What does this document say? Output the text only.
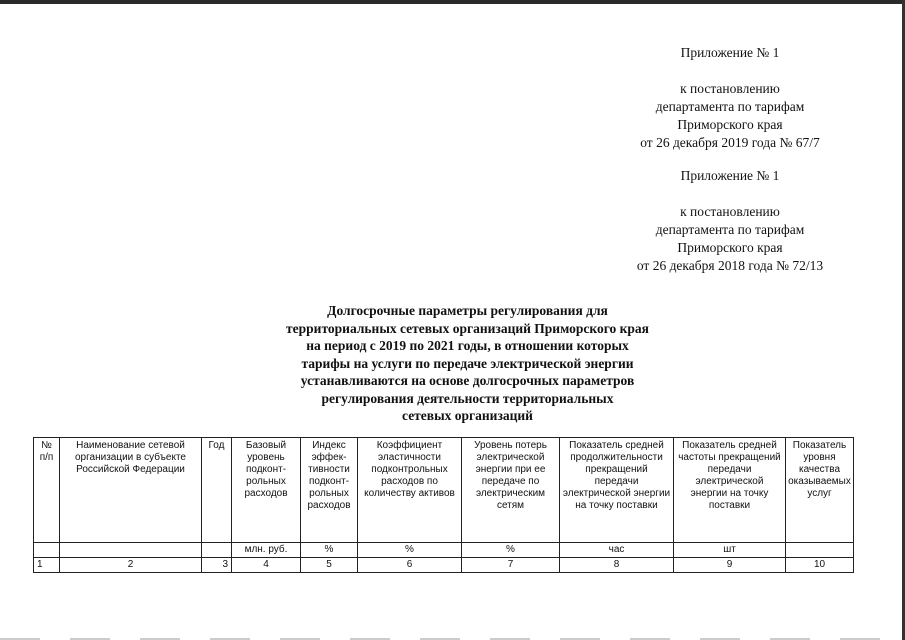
Приложение № 1
к постановлению
департамента по тарифам
Приморского края
от 26 декабря 2019 года № 67/7
Приложение № 1
к постановлению
департамента по тарифам
Приморского края
от 26 декабря 2018 года № 72/13
Долгосрочные параметры регулирования для
территориальных сетевых организаций Приморского края
на период с 2019 по 2021 годы, в отношении которых
тарифы на услуги по передаче электрической энергии
устанавливаются на основе долгосрочных параметров
регулирования деятельности территориальных
сетевых организаций
№ п/п	Наименование сетевой организации в субъекте Российской Федерации	Год	Базовый уровень подконт-рольных расходов	Индекс эффек-тивности подконт-рольных расходов	Коэффициент эластичности подконтрольных расходов по количеству активов	Уровень потерь электрической энергии при ее передаче по электрическим сетям	Показатель средней продолжительности прекращений передачи электрической энергии на точку поставки	Показатель средней частоты прекращений передачи электрической энергии на точку поставки	Показатель уровня качества оказываемых услуг
			млн. руб.	%	%	%	час	шт	
1	2	3	4	5	6	7	8	9	10
